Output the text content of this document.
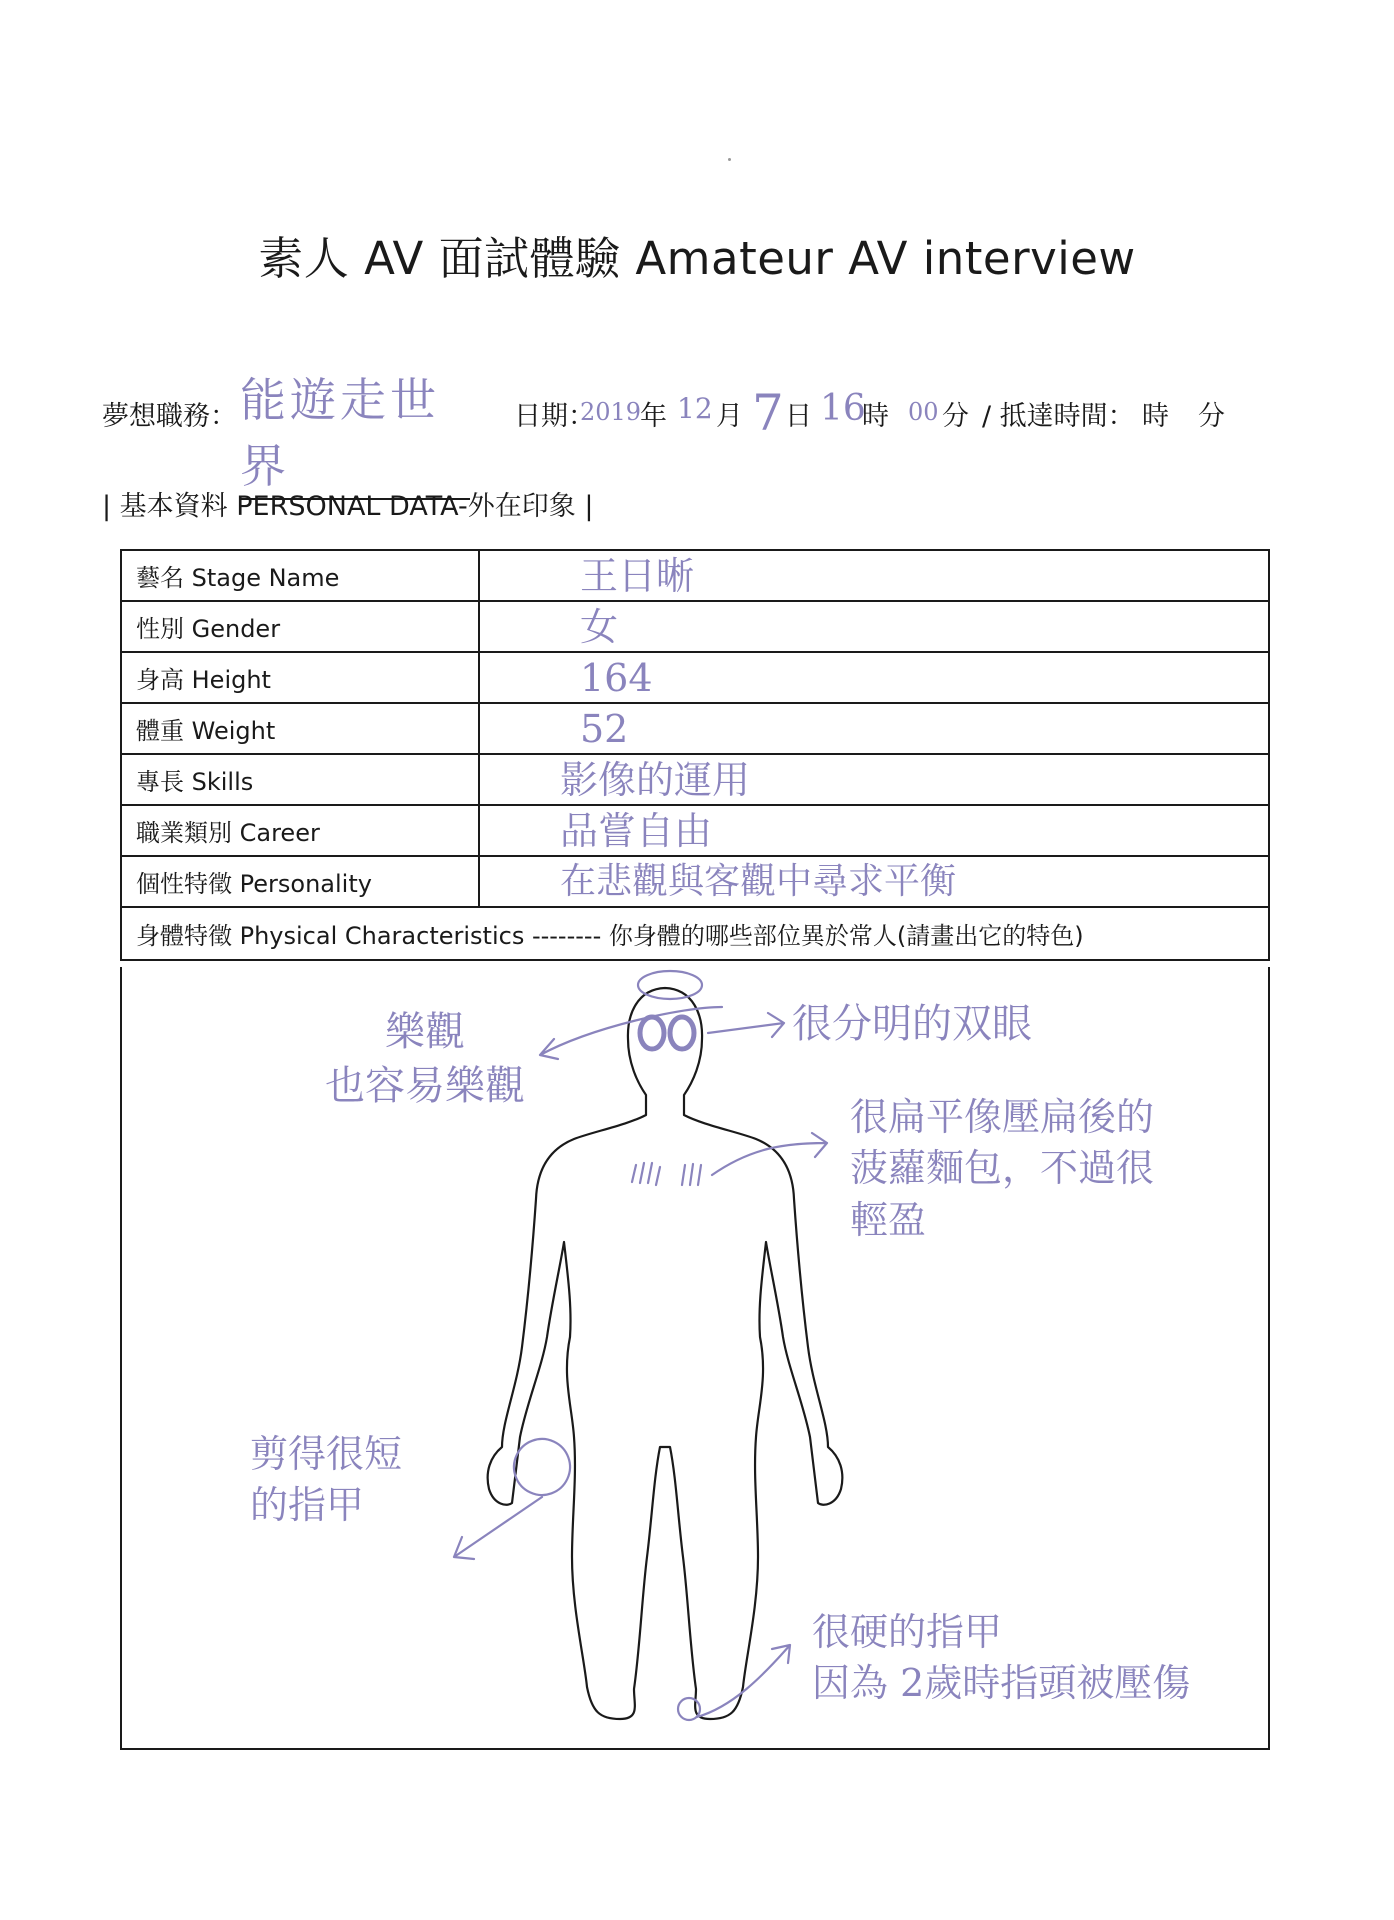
素人 AV 面試體驗 Amateur AV interview
夢想職務： 能遊走世界
日期：
2019
年 12 月 7 日 16
時 00 分 / 抵達時間： 時 分
| 基本資料 PERSONAL DATA-外在印象 |
藝名 Stage Name	王日晰
性別 Gender	女
身高 Height	164
體重 Weight	52
專長 Skills	影像的運用
職業類別 Career	品嘗自由
個性特徵 Personality	在悲觀與客觀中尋求平衡
身體特徵 Physical Characteristics -------- 你身體的哪些部位異於常人(請畫出它的特色)	
樂觀
也容易樂觀
很分明的双眼
很扁平像壓扁後的
菠蘿麵包，不過很
輕盈
剪得很短
的指甲
很硬的指甲
因為 2歲時指頭被壓傷
